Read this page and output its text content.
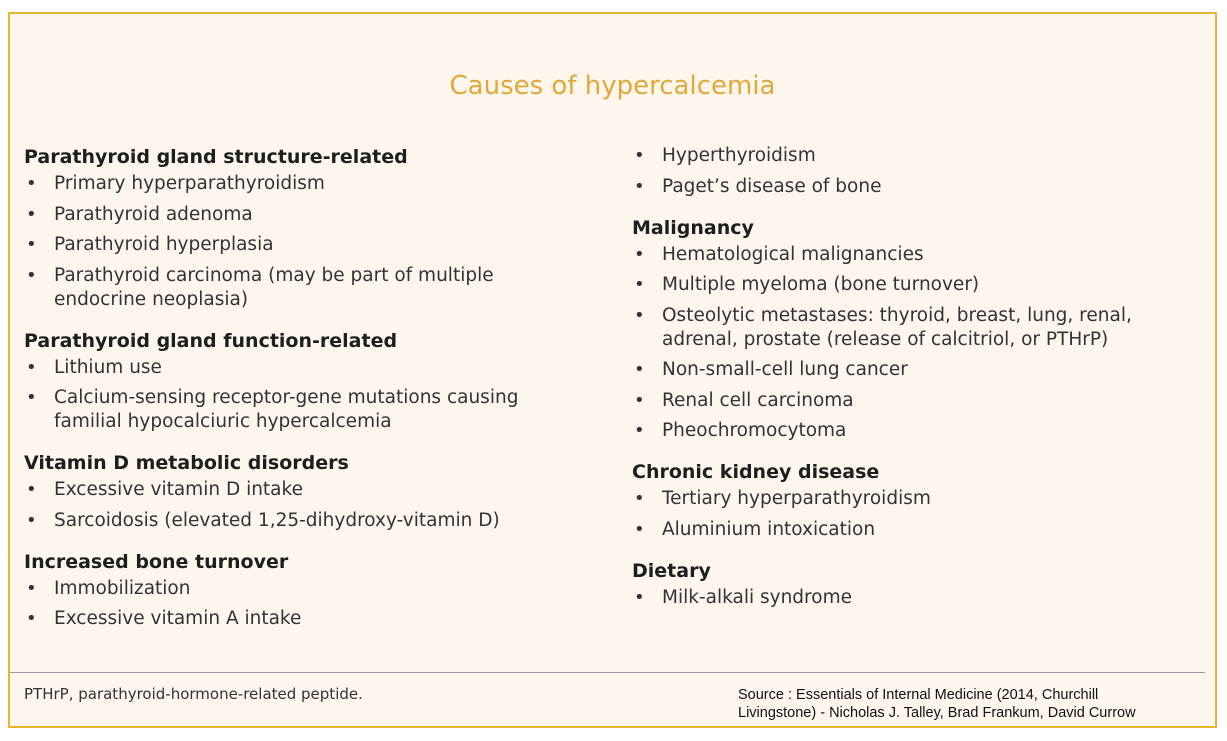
Causes of hypercalcemia
Parathyroid gland structure-related
• Primary hyperparathyroidism
• Parathyroid adenoma
• Parathyroid hyperplasia
• Parathyroid carcinoma (may be part of multiple endocrine neoplasia)
Parathyroid gland function-related
• Lithium use
• Calcium-sensing receptor-gene mutations causing familial hypocalciuric hypercalcemia
Vitamin D metabolic disorders
• Excessive vitamin D intake
• Sarcoidosis (elevated 1,25-dihydroxy-vitamin D)
Increased bone turnover
• Immobilization
• Excessive vitamin A intake
• Hyperthyroidism
• Paget’s disease of bone
Malignancy
• Hematological malignancies
• Multiple myeloma (bone turnover)
• Osteolytic metastases: thyroid, breast, lung, renal, adrenal, prostate (release of calcitriol, or PTHrP)
• Non-small-cell lung cancer
• Renal cell carcinoma
• Pheochromocytoma
Chronic kidney disease
• Tertiary hyperparathyroidism
• Aluminium intoxication
Dietary
• Milk-alkali syndrome
PTHrP, parathyroid-hormone-related peptide.	Source : Essentials of Internal Medicine (2014, Churchill
Livingstone) - Nicholas J. Talley, Brad Frankum, David Currow
